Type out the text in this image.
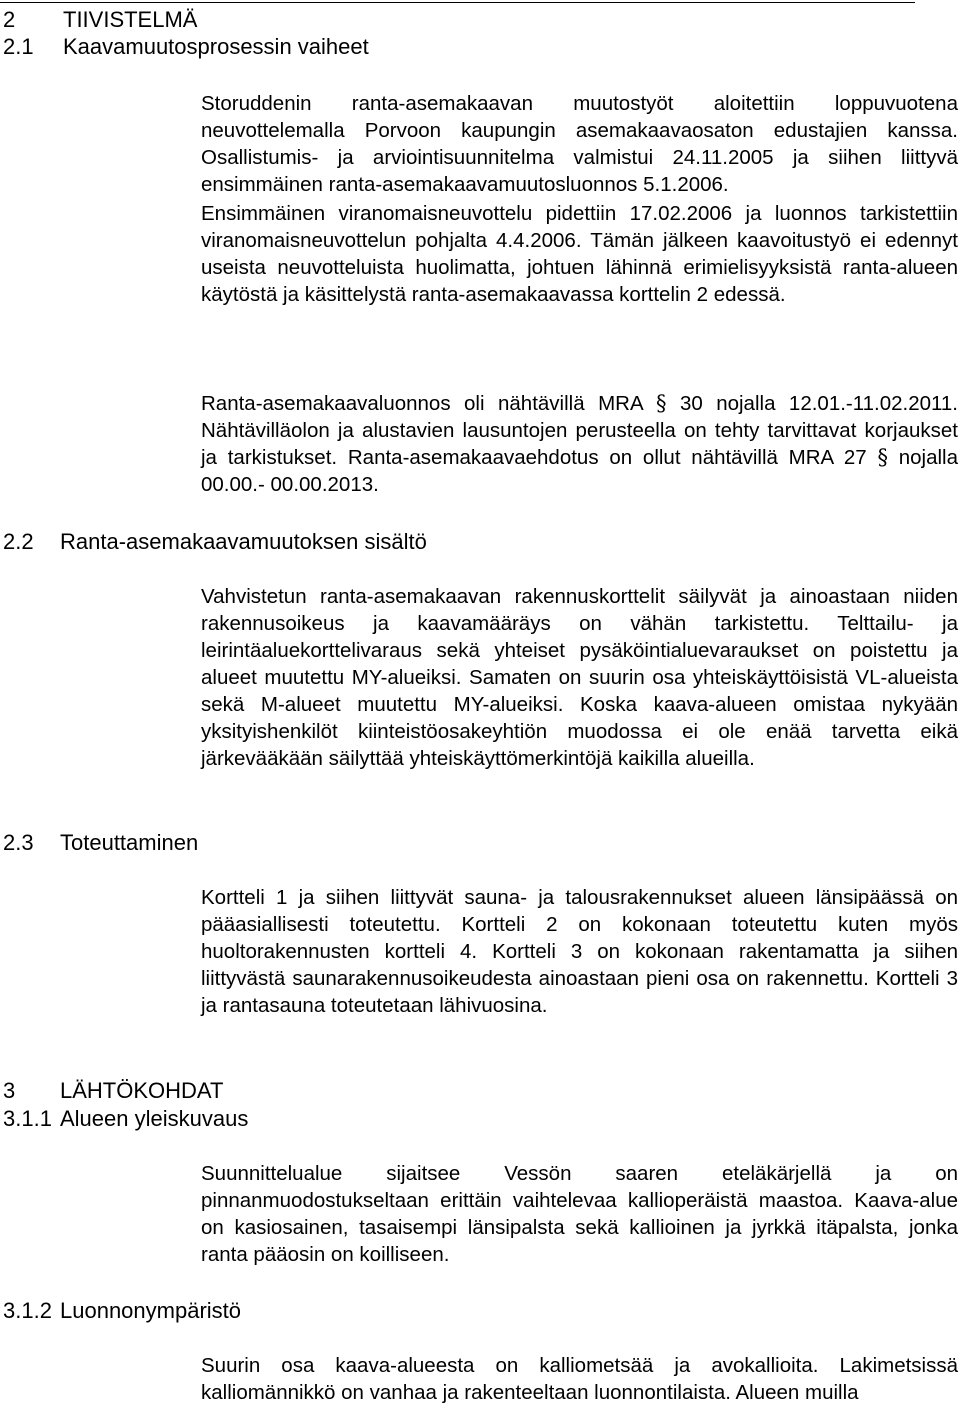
2 TIIVISTELMÄ
2.1 Kaavamuutosprosessin vaiheet

Storuddenin ranta-asemakaavan muutostyöt aloitettiin loppuvuotena neuvottelemalla Porvoon kaupungin asemakaavaosaton edustajien kanssa. Osallistumis- ja arviointisuunnitelma valmistui 24.11.2005 ja siihen liittyvä ensimmäinen ranta-asemakaavamuutosluonnos 5.1.2006.

Ensimmäinen viranomaisneuvottelu pidettiin 17.02.2006 ja luonnos tarkistettiin viranomaisneuvottelun pohjalta 4.4.2006. Tämän jälkeen kaavoitustyö ei edennyt useista neuvotteluista huolimatta, johtuen lähinnä erimielisyyksistä ranta-alueen käytöstä ja käsittelystä ranta-asemakaavassa korttelin 2 edessä.

Ranta-asemakaavaluonnos oli nähtävillä MRA § 30 nojalla 12.01.-11.02.2011. Nähtävilläolon ja alustavien lausuntojen perusteella on tehty tarvittavat korjaukset ja tarkistukset. Ranta-asemakaavaehdotus on ollut nähtävillä MRA 27 § nojalla 00.00.- 00.00.2013.

2.2 Ranta-asemakaavamuutoksen sisältö

Vahvistetun ranta-asemakaavan rakennuskorttelit säilyvät ja ainoastaan niiden rakennusoikeus ja kaavamääräys on vähän tarkistettu. Telttailu- ja leirintäaluekorttelivaraus sekä yhteiset pysäköintialuevaraukset on poistettu ja alueet muutettu MY-alueiksi. Samaten on suurin osa yhteiskäyttöisistä VL-alueista sekä M-alueet muutettu MY-alueiksi. Koska kaava-alueen omistaa nykyään yksityishenkilöt kiinteistöosakeyhtiön muodossa ei ole enää tarvetta eikä järkevääkään säilyttää yhteiskäyttömerkintöjä kaikilla alueilla.

2.3 Toteuttaminen

Kortteli 1 ja siihen liittyvät sauna- ja talousrakennukset alueen länsipäässä on pääasiallisesti toteutettu. Kortteli 2 on kokonaan toteutettu kuten myös huoltorakennusten kortteli 4. Kortteli 3 on kokonaan rakentamatta ja siihen liittyvästä saunarakennusoikeudesta ainoastaan pieni osa on rakennettu. Kortteli 3 ja rantasauna toteutetaan lähivuosina.

3 LÄHTÖKOHDAT
3.1.1 Alueen yleiskuvaus

Suunnittelualue sijaitsee Vessön saaren eteläkärjellä ja on pinnanmuodostukseltaan erittäin vaihtelevaa kallioperäistä maastoa. Kaava-alue on kasiosainen, tasaisempi länsipalsta sekä kallioinen ja jyrkkä itäpalsta, jonka ranta pääosin on koilliseen.

3.1.2 Luonnonympäristö

Suurin osa kaava-alueesta on kalliometsää ja avokallioita. Lakimetsissä kalliomännikkö on vanhaa ja rakenteeltaan luonnontilaista. Alueen muilla
